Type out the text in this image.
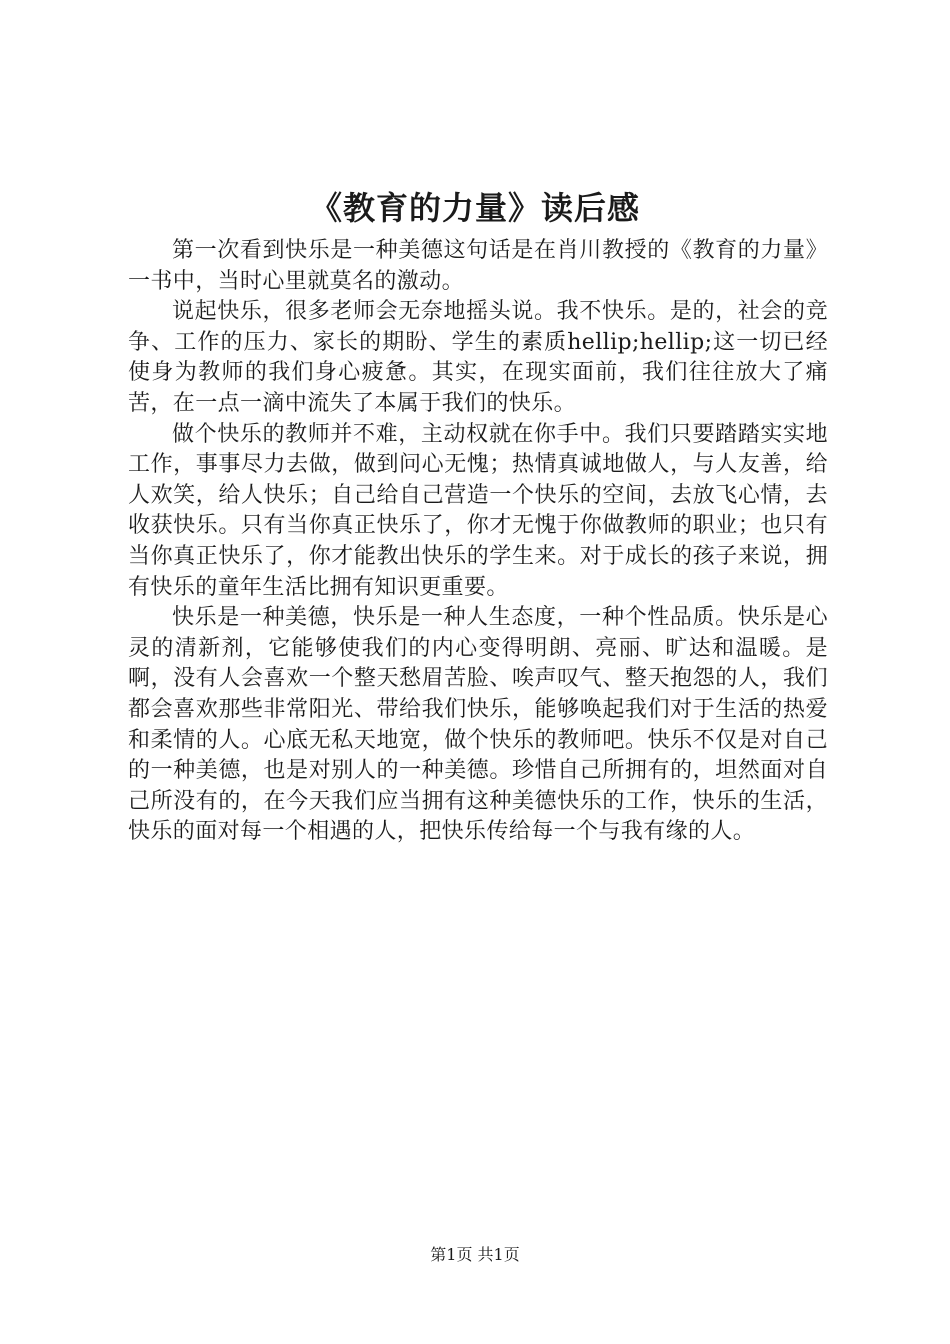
《教育的力量》读后感

第一次看到快乐是一种美德这句话是在肖川教授的《教育的力量》一书中，当时心里就莫名的激动。

说起快乐，很多老师会无奈地摇头说。我不快乐。是的，社会的竞争、工作的压力、家长的期盼、学生的素质hellip;hellip;这一切已经使身为教师的我们身心疲惫。其实，在现实面前，我们往往放大了痛苦，在一点一滴中流失了本属于我们的快乐。

做个快乐的教师并不难，主动权就在你手中。我们只要踏踏实实地工作，事事尽力去做，做到问心无愧；热情真诚地做人，与人友善，给人欢笑，给人快乐；自己给自己营造一个快乐的空间，去放飞心情，去收获快乐。只有当你真正快乐了，你才无愧于你做教师的职业；也只有当你真正快乐了，你才能教出快乐的学生来。对于成长的孩子来说，拥有快乐的童年生活比拥有知识更重要。

快乐是一种美德，快乐是一种人生态度，一种个性品质。快乐是心灵的清新剂，它能够使我们的内心变得明朗、亮丽、旷达和温暖。是啊，没有人会喜欢一个整天愁眉苦脸、唉声叹气、整天抱怨的人，我们都会喜欢那些非常阳光、带给我们快乐，能够唤起我们对于生活的热爱和柔情的人。心底无私天地宽，做个快乐的教师吧。快乐不仅是对自己的一种美德，也是对别人的一种美德。珍惜自己所拥有的，坦然面对自己所没有的，在今天我们应当拥有这种美德快乐的工作，快乐的生活，快乐的面对每一个相遇的人，把快乐传给每一个与我有缘的人。

第1页 共1页
